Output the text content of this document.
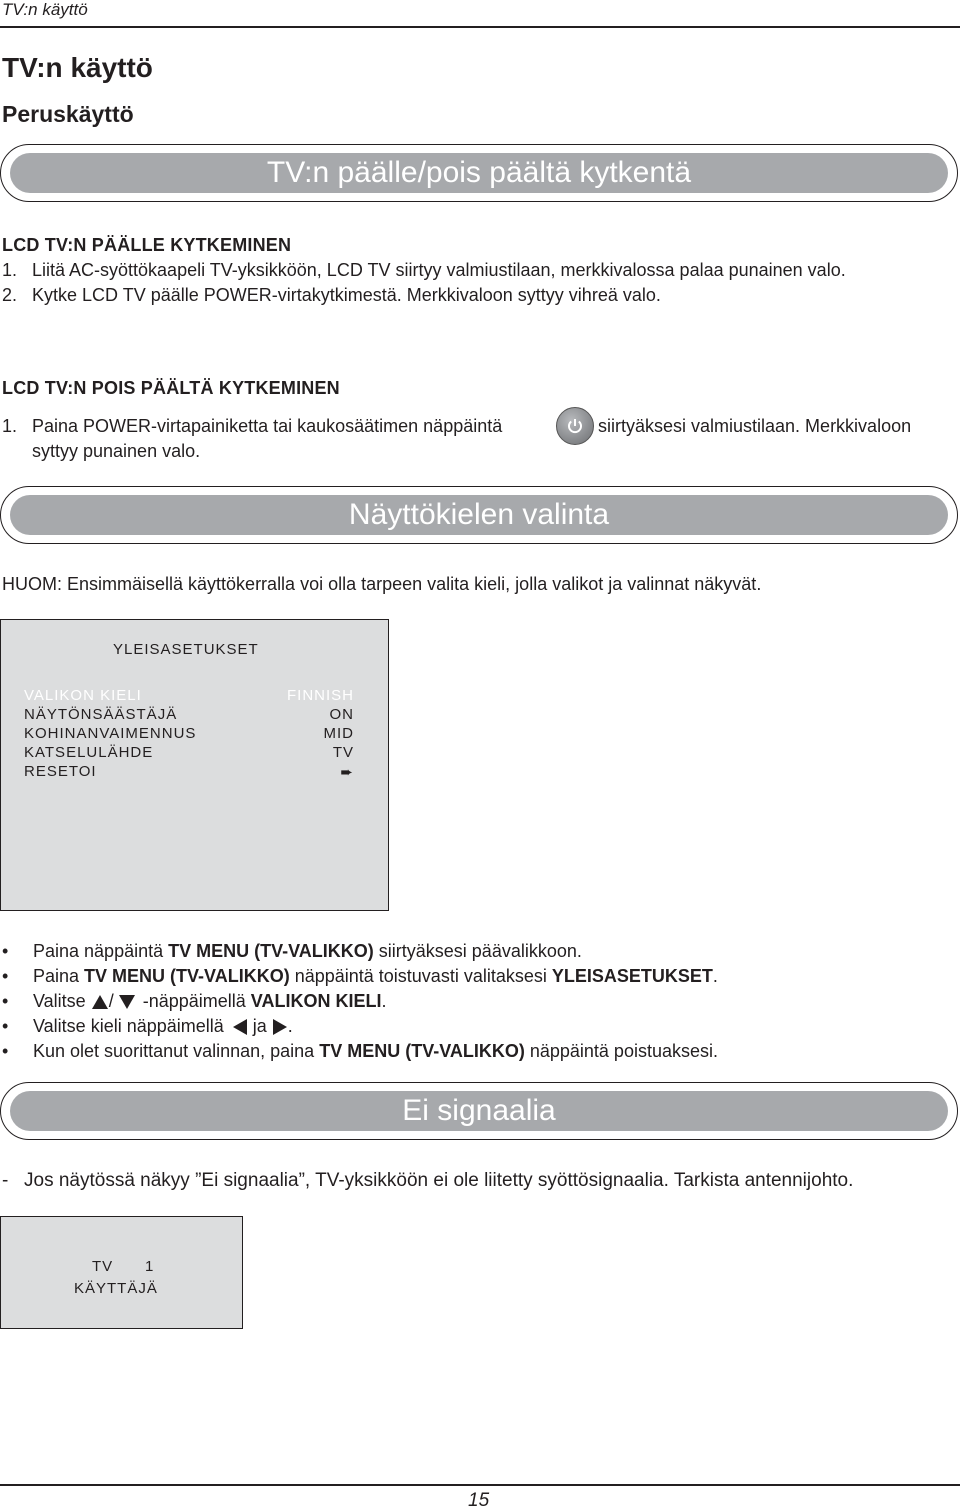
TV:n käyttö
TV:n käyttö
Peruskäyttö
TV:n päälle/pois päältä kytkentä
LCD TV:N PÄÄLLE KYTKEMINEN
1. Liitä AC-syöttökaapeli TV-yksikköön, LCD TV siirtyy valmiustilaan, merkkivalossa palaa punainen valo.
2. Kytke LCD TV päälle POWER-virtakytkimestä. Merkkivaloon syttyy vihreä valo.
LCD TV:N POIS PÄÄLTÄ KYTKEMINEN
1. Paina POWER-virtapainiketta tai kaukosäätimen näppäintä	siirtyäksesi valmiustilaan. Merkkivaloon
syttyy punainen valo.
Näyttökielen valinta
HUOM: Ensimmäisellä käyttökerralla voi olla tarpeen valita kieli, jolla valikot ja valinnat näkyvät.
YLEISASETUKSET
VALIKON KIELI	FINNISH
NÄYTÖNSÄÄSTÄJÄ	ON
KOHINANVAIMENNUS	MID
KATSELULÄHDE	TV
RESETOI	➨
• Paina näppäintä TV MENU (TV-VALIKKO) siirtyäksesi päävalikkoon.
• Paina TV MENU (TV-VALIKKO) näppäintä toistuvasti valitaksesi YLEISASETUKSET.
• Valitse / -näppäimellä VALIKON KIELI.
• Valitse kieli näppäimellä ja .
• Kun olet suorittanut valinnan, paina TV MENU (TV-VALIKKO) näppäintä poistuaksesi.
Ei signaalia
- Jos näytössä näkyy ”Ei signaalia”, TV-yksikköön ei ole liitetty syöttösignaalia. Tarkista antennijohto.
TV 1
KÄYTTÄJÄ
15
